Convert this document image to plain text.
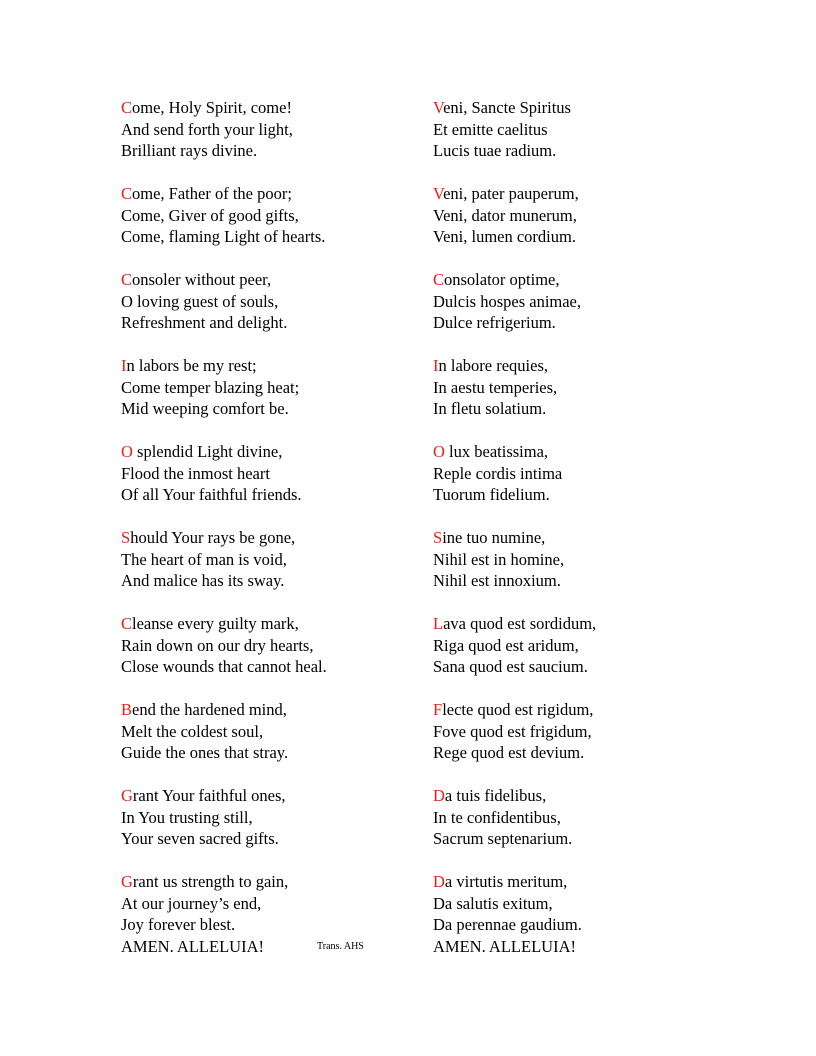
Come, Holy Spirit, come!
And send forth your light,
Brilliant rays divine.
Come, Father of the poor;
Come, Giver of good gifts,
Come, flaming Light of hearts.
Consoler without peer,
O loving guest of souls,
Refreshment and delight.
In labors be my rest;
Come temper blazing heat;
Mid weeping comfort be.
O splendid Light divine,
Flood the inmost heart
Of all Your faithful friends.
Should Your rays be gone,
The heart of man is void,
And malice has its sway.
Cleanse every guilty mark,
Rain down on our dry hearts,
Close wounds that cannot heal.
Bend the hardened mind,
Melt the coldest soul,
Guide the ones that stray.
Grant Your faithful ones,
In You trusting still,
Your seven sacred gifts.
Grant us strength to gain,
At our journey’s end,
Joy forever blest.
AMEN. ALLELUIA!
Veni, Sancte Spiritus
Et emitte caelitus
Lucis tuae radium.
Veni, pater pauperum,
Veni, dator munerum,
Veni, lumen cordium.
Consolator optime,
Dulcis hospes animae,
Dulce refrigerium.
In labore requies,
In aestu temperies,
In fletu solatium.
O lux beatissima,
Reple cordis intima
Tuorum fidelium.
Sine tuo numine,
Nihil est in homine,
Nihil est innoxium.
Lava quod est sordidum,
Riga quod est aridum,
Sana quod est saucium.
Flecte quod est rigidum,
Fove quod est frigidum,
Rege quod est devium.
Da tuis fidelibus,
In te confidentibus,
Sacrum septenarium.
Da virtutis meritum,
Da salutis exitum,
Da perennae gaudium.
AMEN. ALLELUIA!
Trans. AHS
